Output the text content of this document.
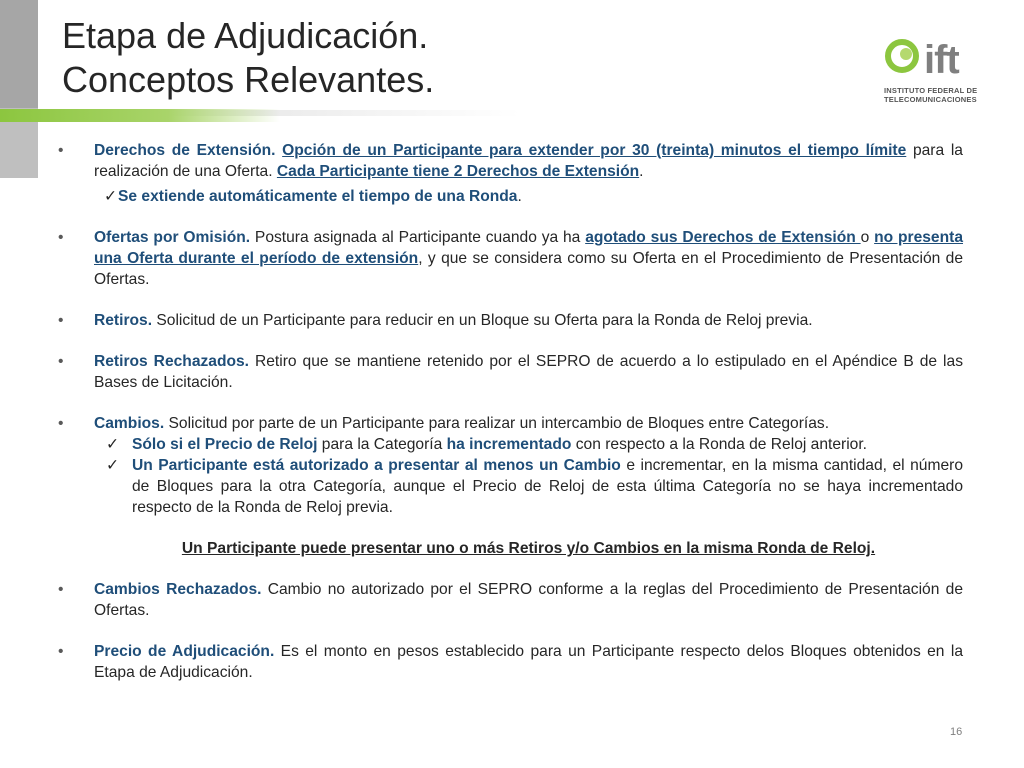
Etapa de Adjudicación.
Conceptos Relevantes.	ift
INSTITUTO FEDERAL DE
TELECOMUNICACIONES
• Derechos de Extensión. Opción de un Participante para extender por 30 (treinta) minutos el tiempo límite para la realización de una Oferta. Cada Participante tiene 2 Derechos de Extensión.
✓ Se extiende automáticamente el tiempo de una Ronda.
• Ofertas por Omisión. Postura asignada al Participante cuando ya ha agotado sus Derechos de Extensión o no presenta una Oferta durante el período de extensión, y que se considera como su Oferta en el Procedimiento de Presentación de Ofertas.
• Retiros. Solicitud de un Participante para reducir en un Bloque su Oferta para la Ronda de Reloj previa.
• Retiros Rechazados. Retiro que se mantiene retenido por el SEPRO de acuerdo a lo estipulado en el Apéndice B de las Bases de Licitación.
• Cambios. Solicitud por parte de un Participante para realizar un intercambio de Bloques entre Categorías.
✓ Sólo si el Precio de Reloj para la Categoría ha incrementado con respecto a la Ronda de Reloj anterior.
✓ Un Participante está autorizado a presentar al menos un Cambio e incrementar, en la misma cantidad, el número de Bloques para la otra Categoría, aunque el Precio de Reloj de esta última Categoría no se haya incrementado respecto de la Ronda de Reloj previa.
Un Participante puede presentar uno o más Retiros y/o Cambios en la misma Ronda de Reloj.
• Cambios Rechazados. Cambio no autorizado por el SEPRO conforme a la reglas del Procedimiento de Presentación de Ofertas.
• Precio de Adjudicación. Es el monto en pesos establecido para un Participante respecto delos Bloques obtenidos en la Etapa de Adjudicación.
16
